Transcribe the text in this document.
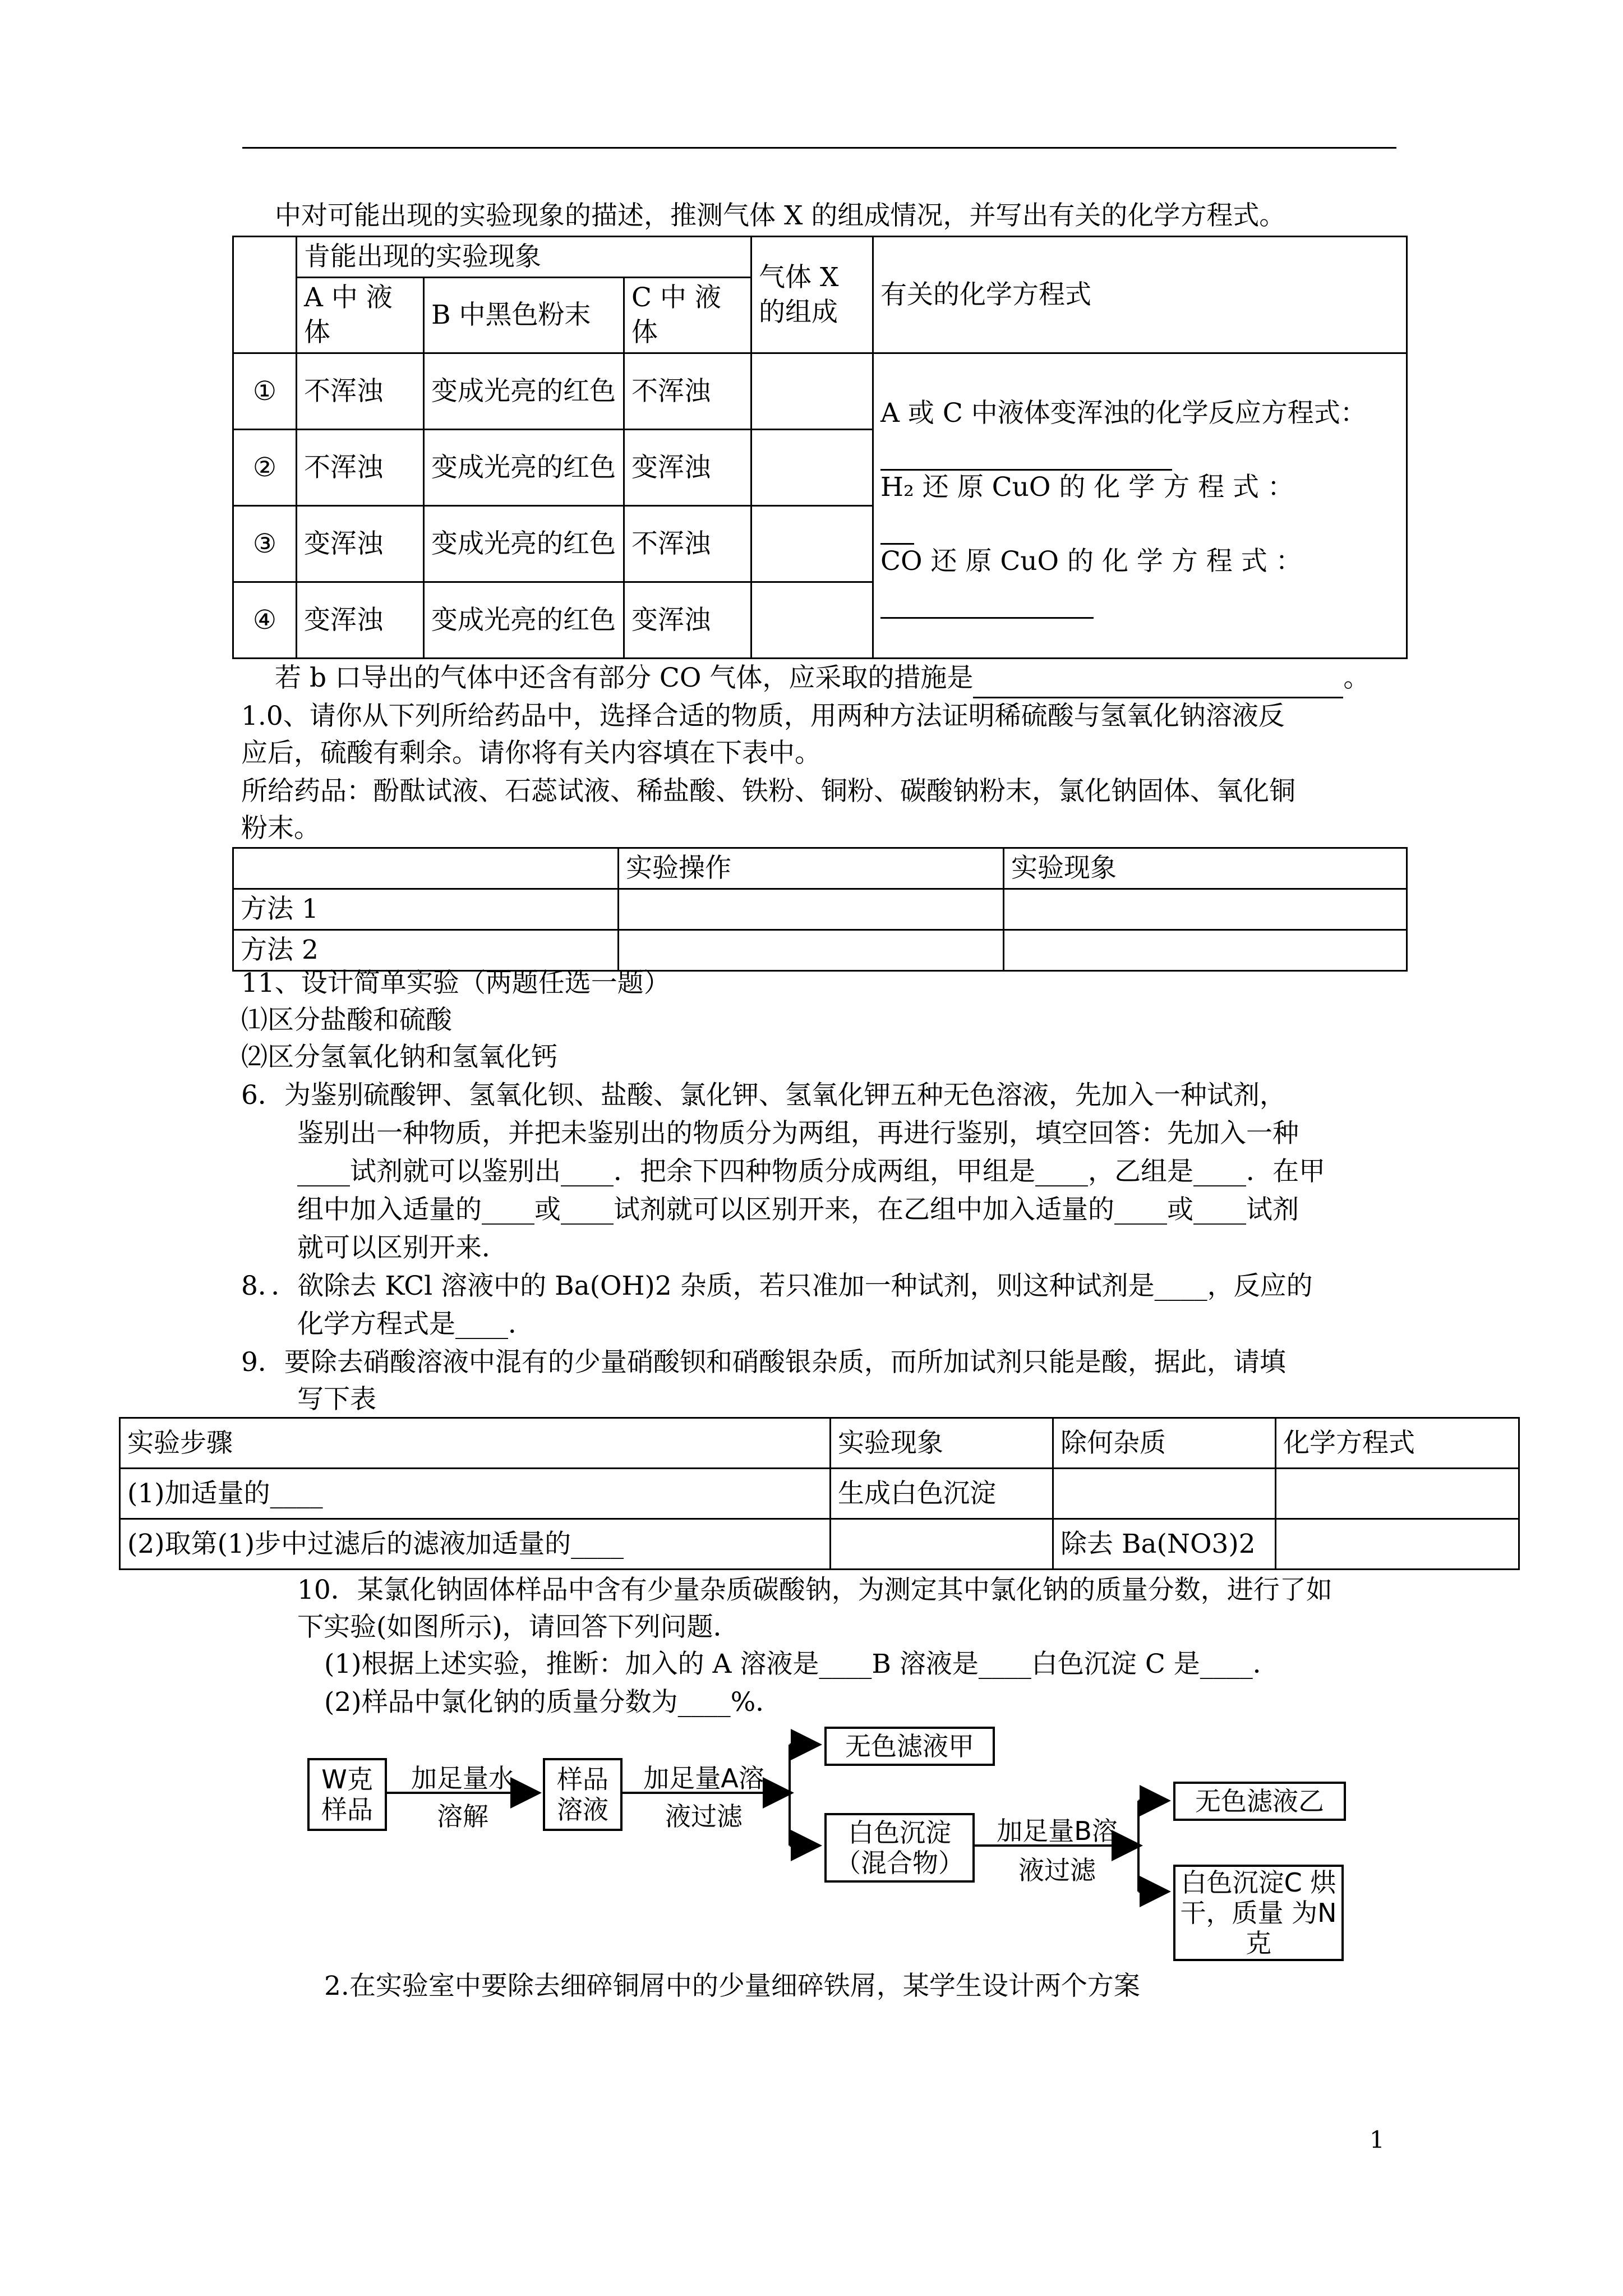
中对可能出现的实验现象的描述，推测气体 X 的组成情况，并写出有关的化学方程式。
	肯能出现的实验现象			气体 X 的组成	有关的化学方程式
	A 中 液 体	B 中黑色粉末	C 中 液 体		
①	不浑浊	变成光亮的红色	不浑浊		A 或 C 中液体变浑浊的化学反应方程式：

H₂ 还 原 CuO 的 化 学 方 程 式 ：

CO 还 原 CuO 的 化 学 方 程 式 ：

②	不浑浊	变成光亮的红色	变浑浊		
③	变浑浊	变成光亮的红色	不浑浊		
④	变浑浊	变成光亮的红色	变浑浊		
若 b 口导出的气体中还含有部分 CO 气体，应采取的措施是	。
1.0、请你从下列所给药品中，选择合适的物质，用两种方法证明稀硫酸与氢氧化钠溶液反
应后，硫酸有剩余。请你将有关内容填在下表中。
所给药品：酚酞试液、石蕊试液、稀盐酸、铁粉、铜粉、碳酸钠粉末，氯化钠固体、氧化铜
粉末。
	实验操作	实验现象
方法 1		
方法 2		
11、设计简单实验（两题任选一题）
⑴区分盐酸和硫酸
⑵区分氢氧化钠和氢氧化钙
6．为鉴别硫酸钾、氢氧化钡、盐酸、氯化钾、氢氧化钾五种无色溶液，先加入一种试剂，
鉴别出一种物质，并把未鉴别出的物质分为两组，再进行鉴别，填空回答：先加入一种
____试剂就可以鉴别出____．把余下四种物质分成两组，甲组是____，乙组是____．在甲
组中加入适量的____或____试剂就可以区别开来，在乙组中加入适量的____或____试剂
就可以区别开来．
8．．欲除去 KCl 溶液中的 Ba(OH)2 杂质，若只准加一种试剂，则这种试剂是____，反应的
化学方程式是____．
9．要除去硝酸溶液中混有的少量硝酸钡和硝酸银杂质，而所加试剂只能是酸，据此，请填
写下表
实验步骤	实验现象	除何杂质	化学方程式
(1)加适量的____	生成白色沉淀		
(2)取第(1)步中过滤后的滤液加适量的____		除去 Ba(NO3)2	
10．某氯化钠固体样品中含有少量杂质碳酸钠，为测定其中氯化钠的质量分数，进行了如
下实验(如图所示)，请回答下列问题．
(1)根据上述实验，推断：加入的 A 溶液是____B 溶液是____白色沉淀 C 是____．
(2)样品中氯化钠的质量分数为____%．
W克 样品
加足量水
溶解
样品 溶液
加足量A溶
液过滤
无色滤液甲
白色沉淀 （混合物）
加足量B溶
液过滤
无色滤液乙
白色沉淀C 烘干，质量 为N克
2.在实验室中要除去细碎铜屑中的少量细碎铁屑，某学生设计两个方案
1
